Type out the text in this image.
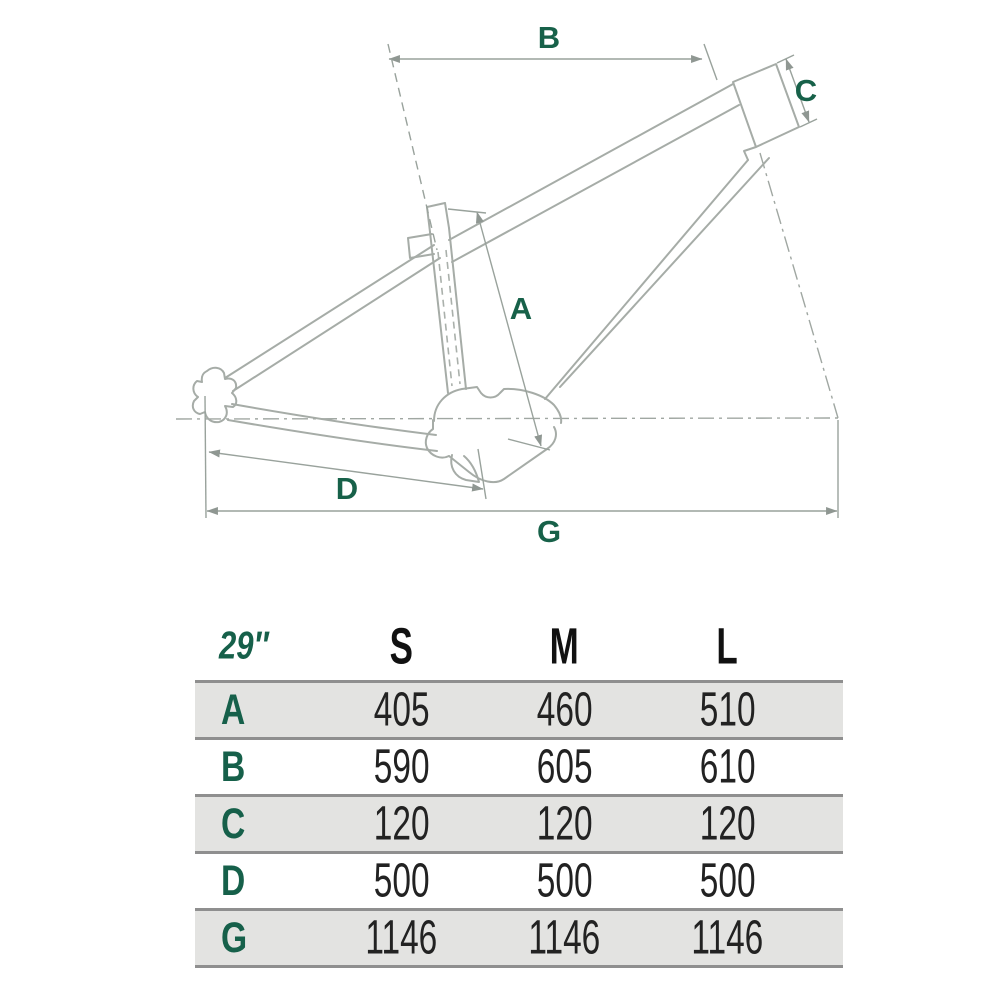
B
C
A
D
G
29″	S	M	L
A	405 460 510
B	590 605 610
C	120 120 120
D	500 500 500
G	1146 1146 1146
